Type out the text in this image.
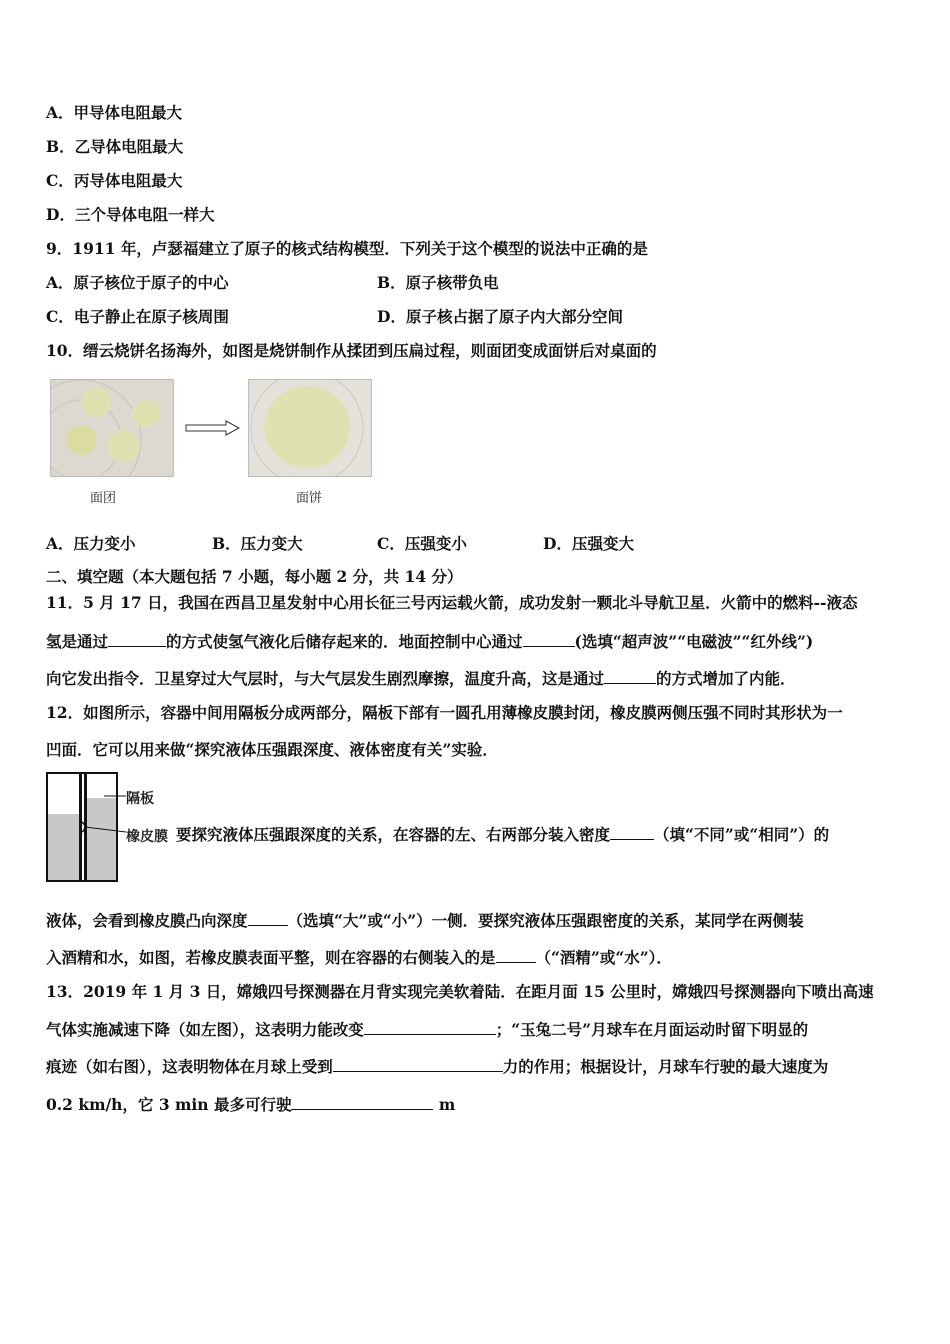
A．甲导体电阻最大
B．乙导体电阻最大
C．丙导体电阻最大
D．三个导体电阻一样大
9．1911 年，卢瑟福建立了原子的核式结构模型．下列关于这个模型的说法中正确的是
A．原子核位于原子的中心	B．原子核带负电
C．电子静止在原子核周围	D．原子核占据了原子内大部分空间
10．缙云烧饼名扬海外，如图是烧饼制作从揉团到压扁过程，则面团变成面饼后对桌面的
面团	面饼
A．压力变小	B．压力变大	C．压强变小	D．压强变大
二、填空题（本大题包括 7 小题，每小题 2 分，共 14 分）
11．5 月 17 日，我国在西昌卫星发射中心用长征三号丙运载火箭，成功发射一颗北斗导航卫星．火箭中的燃料--液态
氢是通过	的方式使氢气液化后储存起来的．地面控制中心通过	(选填“超声波”“电磁波”“红外线”)
向它发出指令．卫星穿过大气层时，与大气层发生剧烈摩擦，温度升高，这是通过	的方式增加了内能．
12．如图所示，容器中间用隔板分成两部分，隔板下部有一圆孔用薄橡皮膜封闭，橡皮膜两侧压强不同时其形状为一
凹面．它可以用来做“探究液体压强跟深度、液体密度有关”实验．
隔板
橡皮膜 要探究液体压强跟深度的关系，在容器的左、右两部分装入密度	（填“不同”或“相同”）的
液体，会看到橡皮膜凸向深度	（选填“大”或“小”）一侧．要探究液体压强跟密度的关系，某同学在两侧装
入酒精和水，如图，若橡皮膜表面平整，则在容器的右侧装入的是	（“酒精”或“水”）．
13．2019 年 1 月 3 日，嫦娥四号探测器在月背实现完美软着陆．在距月面 15 公里时，嫦娥四号探测器向下喷出高速
气体实施减速下降（如左图），这表明力能改变	；“玉兔二号”月球车在月面运动时留下明显的
痕迹（如右图），这表明物体在月球上受到	力的作用；根据设计，月球车行驶的最大速度为
0.2 km/h，它 3 min 最多可行驶	m
